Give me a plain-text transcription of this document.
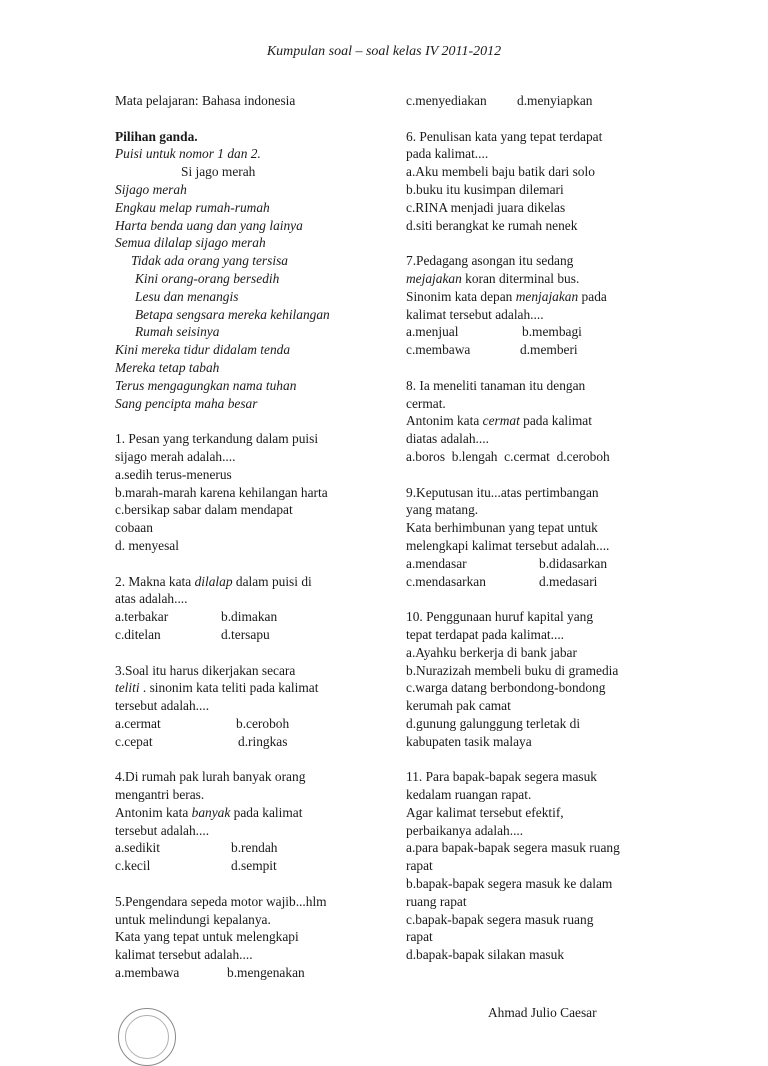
Kumpulan soal – soal kelas IV 2011-2012
Mata pelajaran: Bahasa indonesia
Pilihan ganda.
Puisi untuk nomor 1 dan 2.
Si jago merah
Sijago merah
Engkau melap rumah-rumah
Harta benda uang dan yang lainya
Semua dilalap sijago merah
Tidak ada orang yang tersisa
Kini orang-orang bersedih
Lesu dan menangis
Betapa sengsara mereka kehilangan
Rumah seisinya
Kini mereka tidur didalam tenda
Mereka tetap tabah
Terus mengagungkan nama tuhan
Sang pencipta maha besar
1. Pesan yang terkandung dalam puisi
sijago merah adalah....
a.sedih terus-menerus
b.marah-marah karena kehilangan harta
c.bersikap sabar dalam mendapat
cobaan
d. menyesal
2. Makna kata dilalap dalam puisi di
atas adalah....
a.terbakar	b.dimakan
c.ditelan	d.tersapu
3.Soal itu harus dikerjakan secara
teliti . sinonim kata teliti pada kalimat
tersebut adalah....
a.cermat	b.ceroboh
c.cepat	d.ringkas
4.Di rumah pak lurah banyak orang
mengantri beras.
Antonim kata banyak pada kalimat
tersebut adalah....
a.sedikit	b.rendah
c.kecil	d.sempit
5.Pengendara sepeda motor wajib...hlm
untuk melindungi kepalanya.
Kata yang tepat untuk melengkapi
kalimat tersebut adalah....
a.membawa	b.mengenakan
c.menyediakan d.menyiapkan
6. Penulisan kata yang tepat terdapat
pada kalimat....
a.Aku membeli baju batik dari solo
b.buku itu kusimpan dilemari
c.RINA menjadi juara dikelas
d.siti berangkat ke rumah nenek
7.Pedagang asongan itu sedang
mejajakan koran diterminal bus.
Sinonim kata depan menjajakan pada
kalimat tersebut adalah....
a.menjual	b.membagi
c.membawa	d.memberi
8. Ia meneliti tanaman itu dengan
cermat.
Antonim kata cermat pada kalimat
diatas adalah....
a.boros  b.lengah  c.cermat  d.ceroboh
9.Keputusan itu...atas pertimbangan
yang matang.
Kata berhimbunan yang tepat untuk
melengkapi kalimat tersebut adalah....
a.mendasar	b.didasarkan
c.mendasarkan	d.medasari
10. Penggunaan huruf kapital yang
tepat terdapat pada kalimat....
a.Ayahku berkerja di bank jabar
b.Nurazizah membeli buku di gramedia
c.warga datang berbondong-bondong
kerumah pak camat
d.gunung galunggung terletak di
kabupaten tasik malaya
11. Para bapak-bapak segera masuk
kedalam ruangan rapat.
Agar kalimat tersebut efektif,
perbaikanya adalah....
a.para bapak-bapak segera masuk ruang
rapat
b.bapak-bapak segera masuk ke dalam
ruang rapat
c.bapak-bapak segera masuk ruang
rapat
d.bapak-bapak silakan masuk
Ahmad Julio Caesar
